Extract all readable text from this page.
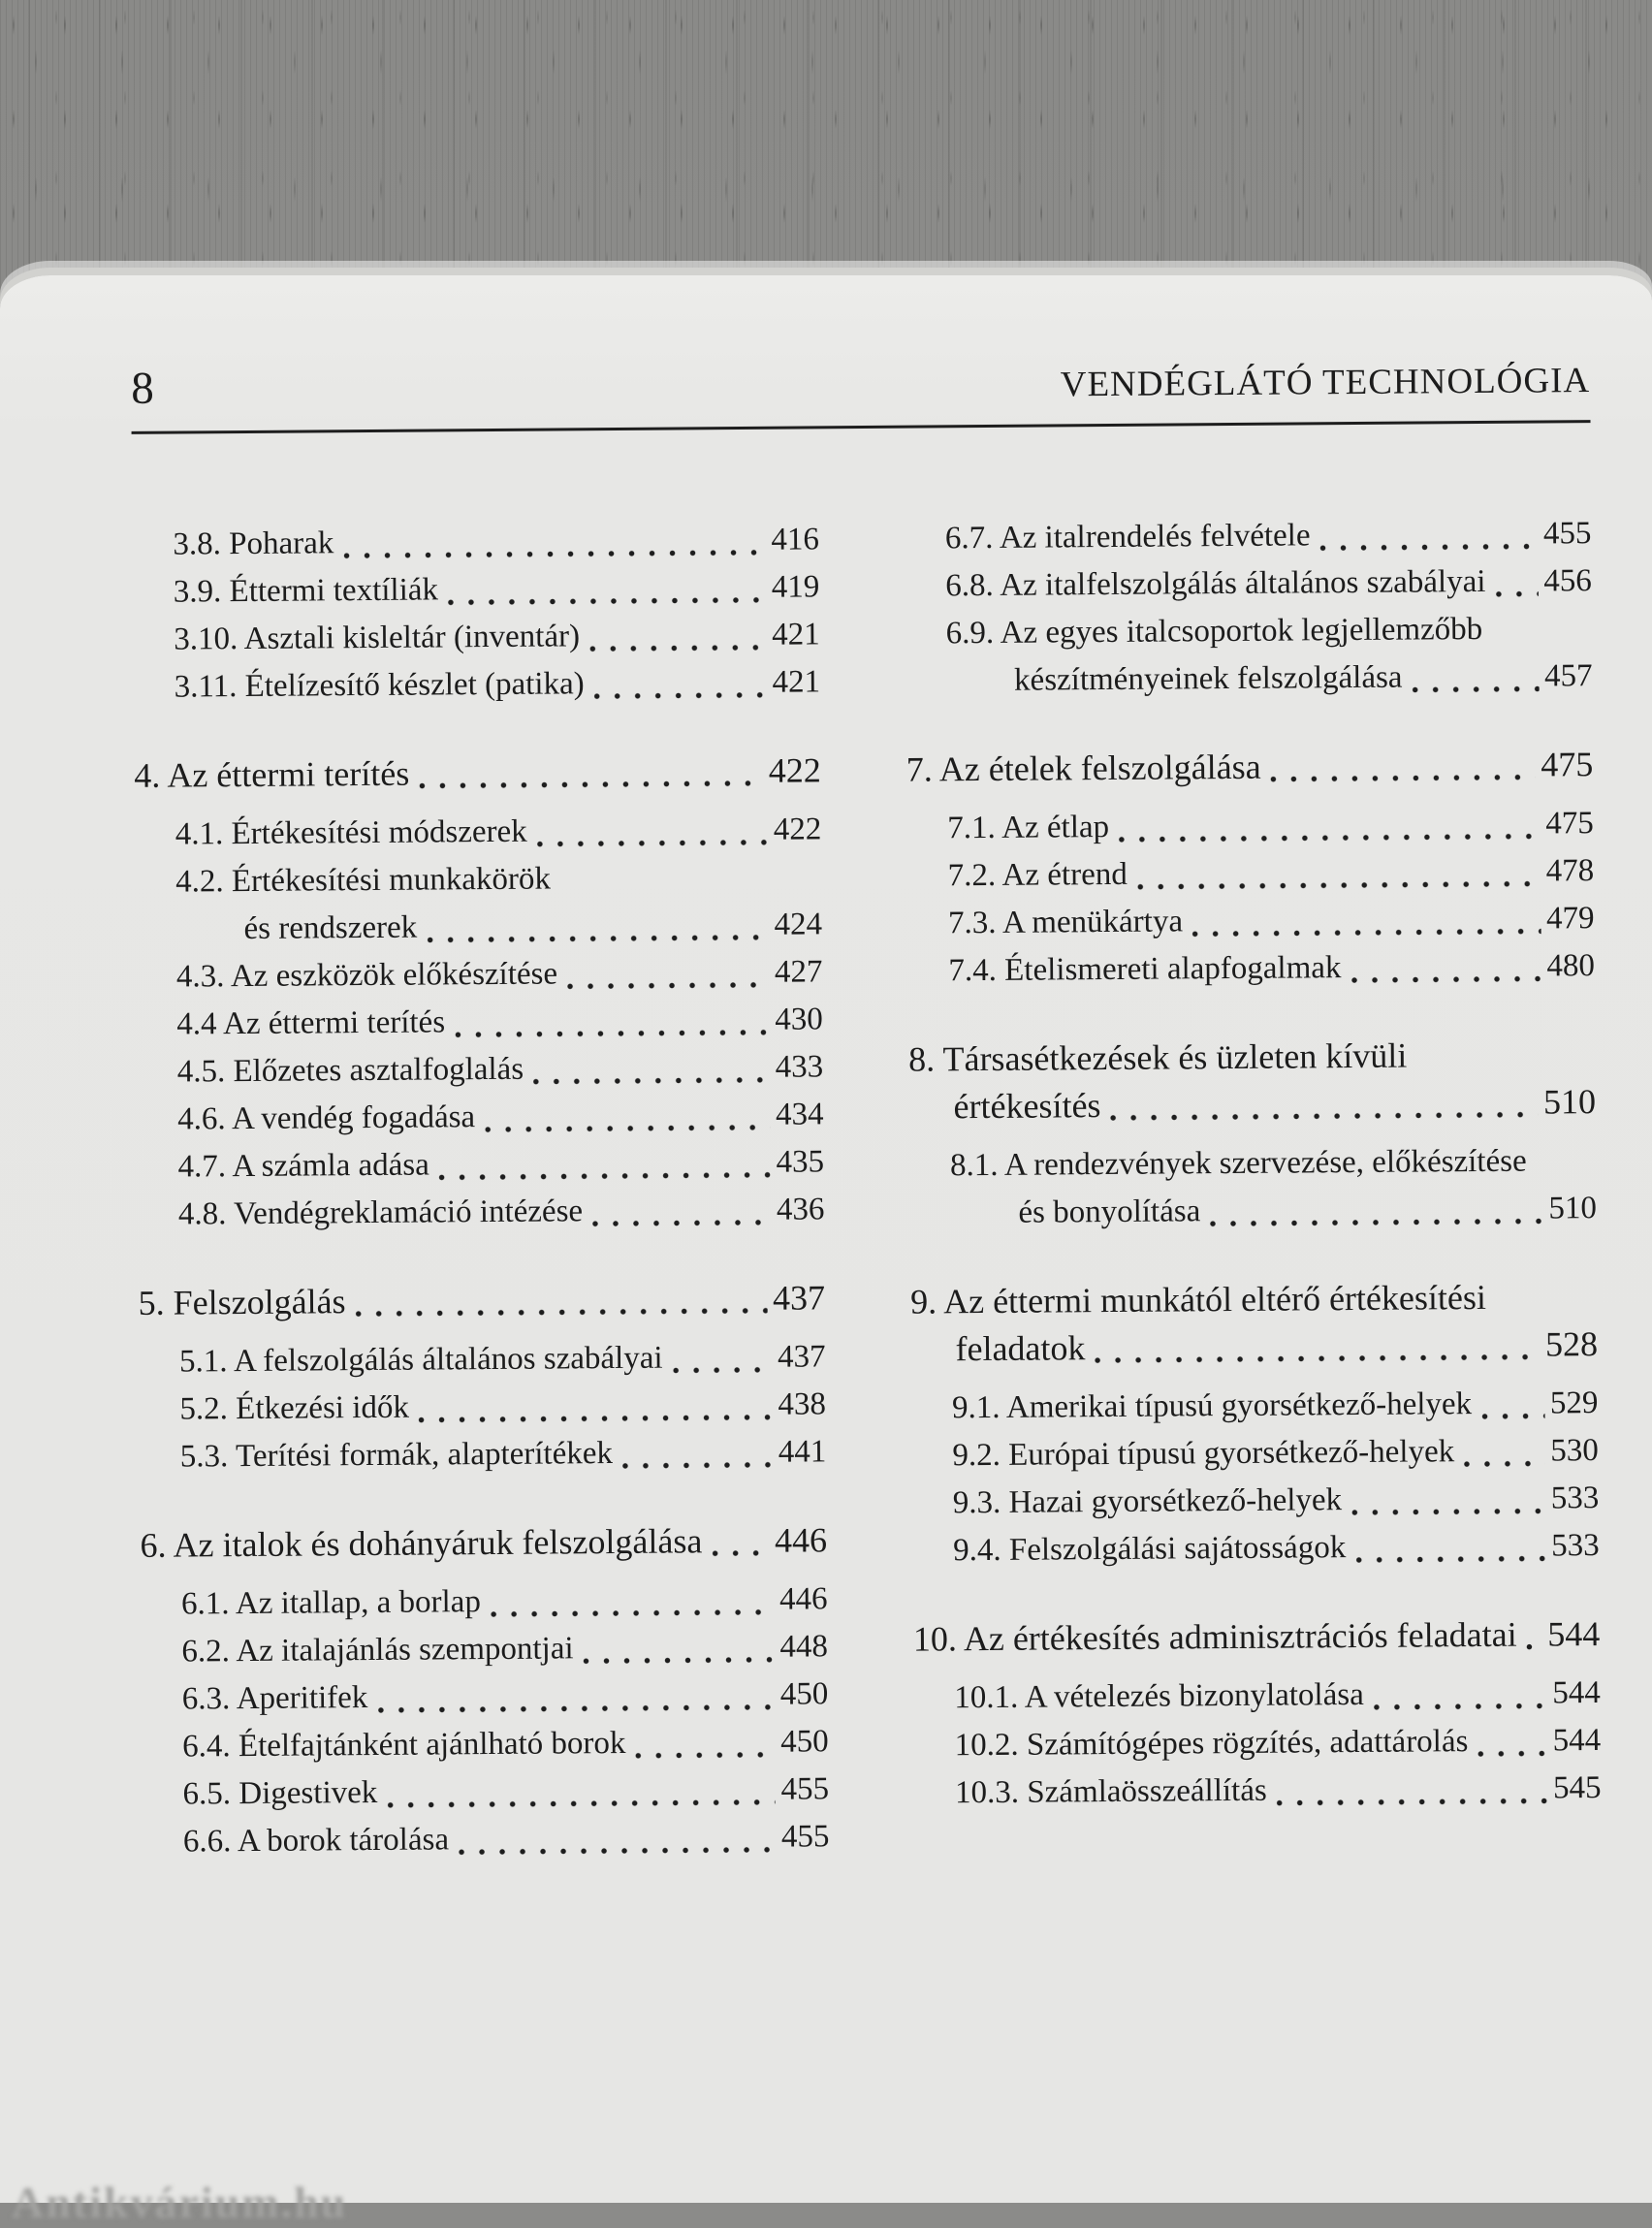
8	VENDÉGLÁTÓ TECHNOLÓGIA
3.8. Poharak	416
3.9. Éttermi textíliák	419
3.10. Asztali kisleltár (inventár)	421
3.11. Ételízesítő készlet (patika)	421
4. Az éttermi terítés	422
4.1. Értékesítési módszerek	422
4.2. Értékesítési munkakörök
és rendszerek	424
4.3. Az eszközök előkészítése	427
4.4 Az éttermi terítés	430
4.5. Előzetes asztalfoglalás	433
4.6. A vendég fogadása	434
4.7. A számla adása	435
4.8. Vendégreklamáció intézése	436
5. Felszolgálás	437
5.1. A felszolgálás általános szabályai	437
5.2. Étkezési idők	438
5.3. Terítési formák, alapterítékek	441
6. Az italok és dohányáruk felszolgálása 446
6.1. Az itallap, a borlap	446
6.2. Az italajánlás szempontjai	448
6.3. Aperitifek	450
6.4. Ételfajtánként ajánlható borok	450
6.5. Digestivek	455
6.6. A borok tárolása	455
6.7. Az italrendelés felvétele	455
6.8. Az italfelszolgálás általános szabályai 456
6.9. Az egyes italcsoportok legjellemzőbb
készítményeinek felszolgálása	457
7. Az ételek felszolgálása	475
7.1. Az étlap	475
7.2. Az étrend	478
7.3. A menükártya	479
7.4. Ételismereti alapfogalmak	480
8. Társasétkezések és üzleten kívüli
értékesítés	510
8.1. A rendezvények szervezése, előkészítése
és bonyolítása	510
9. Az éttermi munkától eltérő értékesítési
feladatok	528
9.1. Amerikai típusú gyorsétkező-helyek 529
9.2. Európai típusú gyorsétkező-helyek	530
9.3. Hazai gyorsétkező-helyek	533
9.4. Felszolgálási sajátosságok	533
10. Az értékesítés adminisztrációs feladatai 544
10.1. A vételezés bizonylatolása	544
10.2. Számítógépes rögzítés, adattárolás	544
10.3. Számlaösszeállítás	545
Antikvárium.hu
